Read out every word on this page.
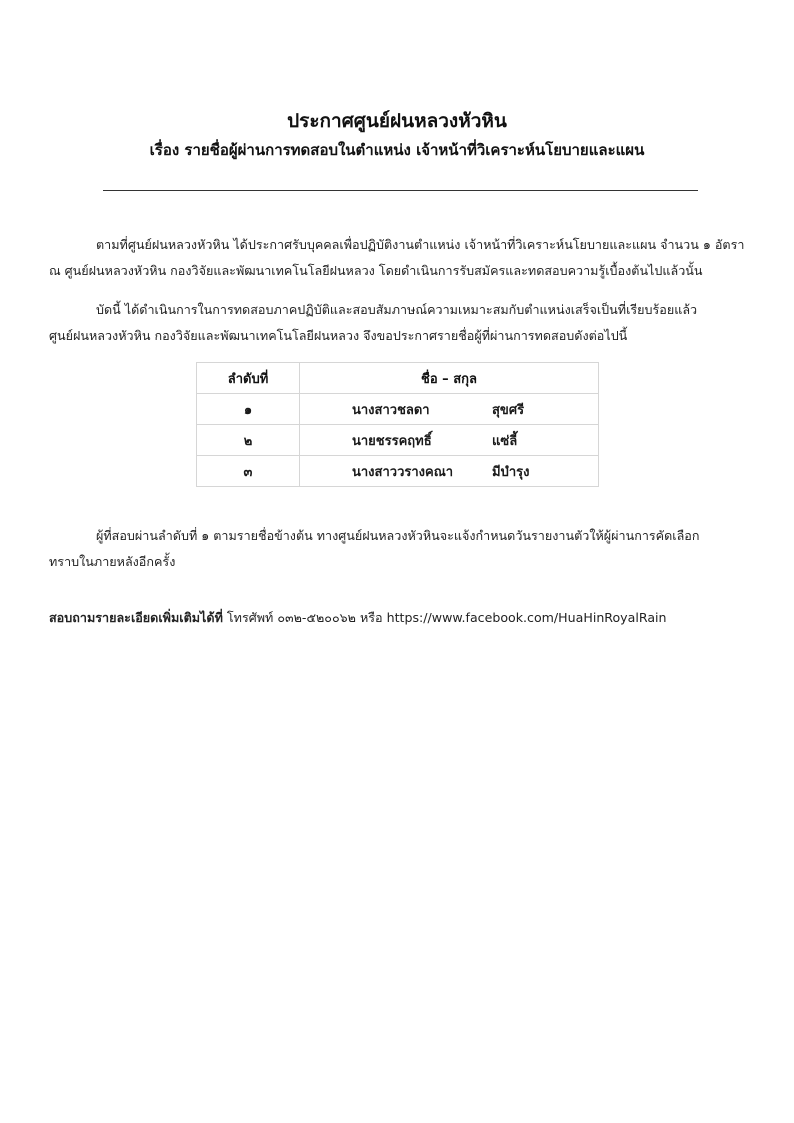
ประกาศศูนย์ฝนหลวงหัวหิน
เรื่อง รายชื่อผู้ผ่านการทดสอบในตำแหน่ง เจ้าหน้าที่วิเคราะห์นโยบายและแผน
ตามที่ศูนย์ฝนหลวงหัวหิน ได้ประกาศรับบุคคลเพื่อปฏิบัติงานตำแหน่ง เจ้าหน้าที่วิเคราะห์นโยบายและแผน จำนวน ๑ อัตรา
ณ ศูนย์ฝนหลวงหัวหิน กองวิจัยและพัฒนาเทคโนโลยีฝนหลวง โดยดำเนินการรับสมัครและทดสอบความรู้เบื้องต้นไปแล้วนั้น
บัดนี้ ได้ดำเนินการในการทดสอบภาคปฏิบัติและสอบสัมภาษณ์ความเหมาะสมกับตำแหน่งเสร็จเป็นที่เรียบร้อยแล้ว
ศูนย์ฝนหลวงหัวหิน กองวิจัยและพัฒนาเทคโนโลยีฝนหลวง จึงขอประกาศรายชื่อผู้ที่ผ่านการทดสอบดังต่อไปนี้
ลำดับที่	ชื่อ – สกุล
๑	นางสาวชลดา สุขศรี
๒	นายชรรคฤทธิ์ แซ่ลี้
๓	นางสาววรางคณา มีบำรุง
ผู้ที่สอบผ่านลำดับที่ ๑ ตามรายชื่อข้างต้น ทางศูนย์ฝนหลวงหัวหินจะแจ้งกำหนดวันรายงานตัวให้ผู้ผ่านการคัดเลือก
ทราบในภายหลังอีกครั้ง
สอบถามรายละเอียดเพิ่มเติมได้ที่ โทรศัพท์ ๐๓๒-๕๒๐๐๖๒ หรือ https://www.facebook.com/HuaHinRoyalRain
